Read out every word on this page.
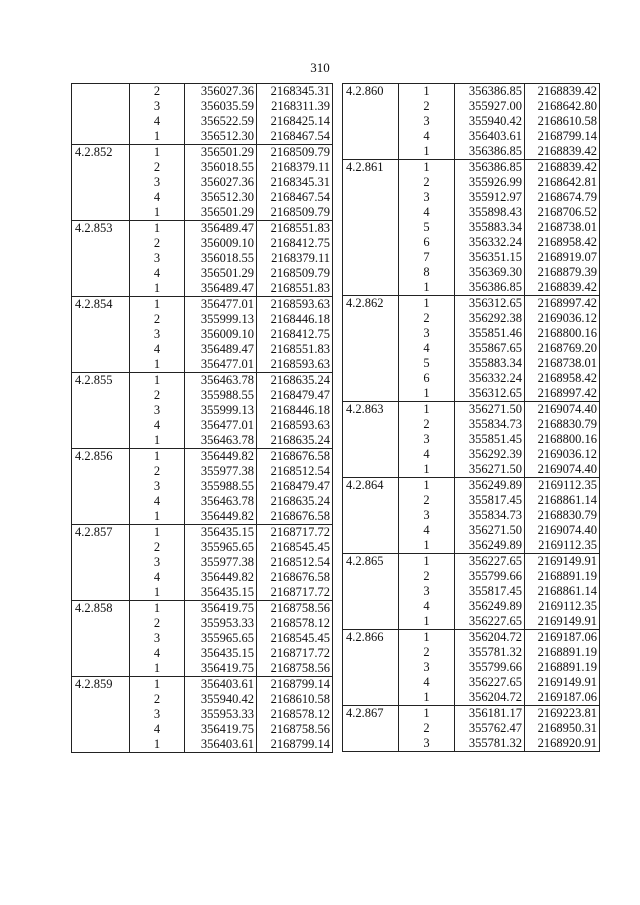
310
	2	356027.36	2168345.31
	3	356035.59	2168311.39
	4	356522.59	2168425.14
	1	356512.30	2168467.54
4.2.852	1	356501.29	2168509.79
	2	356018.55	2168379.11
	3	356027.36	2168345.31
	4	356512.30	2168467.54
	1	356501.29	2168509.79
4.2.853	1	356489.47	2168551.83
	2	356009.10	2168412.75
	3	356018.55	2168379.11
	4	356501.29	2168509.79
	1	356489.47	2168551.83
4.2.854	1	356477.01	2168593.63
	2	355999.13	2168446.18
	3	356009.10	2168412.75
	4	356489.47	2168551.83
	1	356477.01	2168593.63
4.2.855	1	356463.78	2168635.24
	2	355988.55	2168479.47
	3	355999.13	2168446.18
	4	356477.01	2168593.63
	1	356463.78	2168635.24
4.2.856	1	356449.82	2168676.58
	2	355977.38	2168512.54
	3	355988.55	2168479.47
	4	356463.78	2168635.24
	1	356449.82	2168676.58
4.2.857	1	356435.15	2168717.72
	2	355965.65	2168545.45
	3	355977.38	2168512.54
	4	356449.82	2168676.58
	1	356435.15	2168717.72
4.2.858	1	356419.75	2168758.56
	2	355953.33	2168578.12
	3	355965.65	2168545.45
	4	356435.15	2168717.72
	1	356419.75	2168758.56
4.2.859	1	356403.61	2168799.14
	2	355940.42	2168610.58
	3	355953.33	2168578.12
	4	356419.75	2168758.56
	1	356403.61	2168799.14
4.2.860	1	356386.85	2168839.42
	2	355927.00	2168642.80
	3	355940.42	2168610.58
	4	356403.61	2168799.14
	1	356386.85	2168839.42
4.2.861	1	356386.85	2168839.42
	2	355926.99	2168642.81
	3	355912.97	2168674.79
	4	355898.43	2168706.52
	5	355883.34	2168738.01
	6	356332.24	2168958.42
	7	356351.15	2168919.07
	8	356369.30	2168879.39
	1	356386.85	2168839.42
4.2.862	1	356312.65	2168997.42
	2	356292.38	2169036.12
	3	355851.46	2168800.16
	4	355867.65	2168769.20
	5	355883.34	2168738.01
	6	356332.24	2168958.42
	1	356312.65	2168997.42
4.2.863	1	356271.50	2169074.40
	2	355834.73	2168830.79
	3	355851.45	2168800.16
	4	356292.39	2169036.12
	1	356271.50	2169074.40
4.2.864	1	356249.89	2169112.35
	2	355817.45	2168861.14
	3	355834.73	2168830.79
	4	356271.50	2169074.40
	1	356249.89	2169112.35
4.2.865	1	356227.65	2169149.91
	2	355799.66	2168891.19
	3	355817.45	2168861.14
	4	356249.89	2169112.35
	1	356227.65	2169149.91
4.2.866	1	356204.72	2169187.06
	2	355781.32	2168891.19
	3	355799.66	2168891.19
	4	356227.65	2169149.91
	1	356204.72	2169187.06
4.2.867	1	356181.17	2169223.81
	2	355762.47	2168950.31
	3	355781.32	2168920.91
